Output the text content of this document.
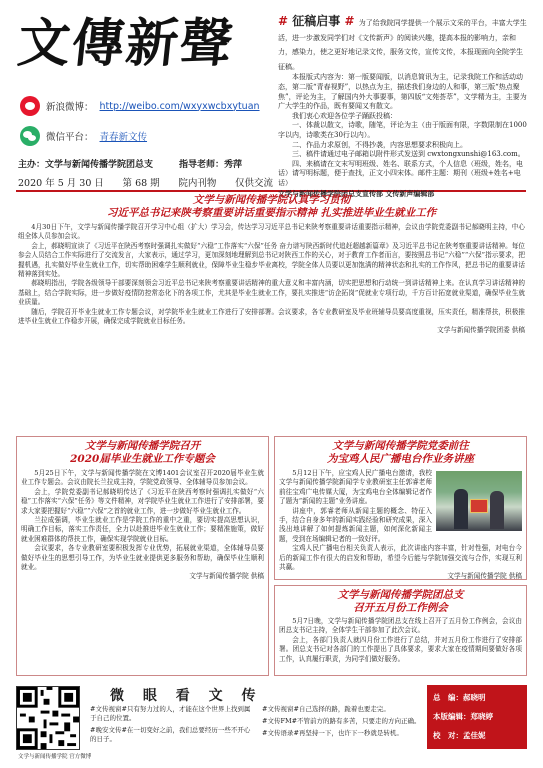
文傳新聲
新浪微博： http://weibo.com/wxyxwcbxytuan
微信平台： 青春新文传
主办：文学与新闻传播学院团总支	指导老师：秀萍
2020 年 5 月 30 日 第 68 期 院内刊物 仅供交流
# 征稿启事 # 为了给我院同学提供一个展示文采的平台，丰富大学生活，进一步激发同学们对《文传新声》的阅读兴趣，提高本报的影响力，亲和力，感染力，使之更好地记录文传，服务文传，宣传文传，本报现面向全院学生征稿。

本报版式内容为：第一版要闻版，以消息简讯为主，记录我院工作和活动动态，第二版“青春视野”，以热点为主，描述我们身边的人和事，第三版“热点聚焦”，评论为主，了解国内外大事要事，第四版“文苑荟萃”，文学精为主，主要为广大学生的作品，既有要闻又有散文。

我们衷心欢迎各位学子踊跃投稿：

一、体裁以散文，诗歌，随笔，评论为主（由于版面有限，字数限制在1000字以内，诗歌类在30行以内）。

二、作品力求原创，不得抄袭，内容思想要求积极向上。

三、稿件请通过电子邮箱以附件形式发送到 cwxtongxunshi@163.com。

四、来稿请在文末写明班级、姓名、联系方式，个人信息（班级，姓名，电话）请写明标题，便于查找，正文小四宋体。邮件主题：期刊（班级+姓名+电话）

文学与新闻传播学院团总支宣传部 文传新声编辑部

文学与新闻传播学院认真学习贯彻
习近平总书记来陕考察重要讲话重要指示精神 扎实推进毕业生就业工作

4月30日下午，文学与新闻传播学院召开学习中心组（扩大）学习会，传达学习习近平总书记来陕考察重要讲话重要指示精神，会议由学院党委副书记郝晓明主持，中心组全体人员参加会议。

会上，郝晓明宣读了《习近平在陕西考察时强调扎实做好“六稳”工作落实“六保”任务 奋力谱写陕西新时代追赶超越新篇章》及习近平总书记在陕考察重要讲话精神。每位参会人员结合工作实际进行了交流发言，大家表示，通过学习，更加深刻地理解到总书记对陕西工作的关心，对于教育工作者而言，要按照总书记“六稳”“六保”指示要求，把握机遇，扎实做好毕业生就业工作，切实帮助困难学生顺利就业，保障毕业生稳步毕业离校，学院全体人员要以更加饱满的精神状态和扎实的工作作风，把总书记的重要讲话精神落到实处。

郝晓明指出，学院各级领导干部要深刻领会习近平总书记来陕考察重要讲话精神的重大意义和丰富内涵，切实把思想和行动统一到讲话精神上来。在认真学习讲话精神的基础上，结合学院实际，进一步做好疫情防控常态化下的各项工作，尤其是毕业生就业工作，要扎实推进“访企拓岗”促就业专项行动，千方百计拓宽就业渠道，确保毕业生就业质量。

随后，学院召开毕业生就业工作专题会议，对学院毕业生就业工作进行了安排部署。会议要求，各专业教研室及毕业班辅导员要高度重视，压实责任，精准帮扶，积极推进毕业生就业工作稳步开展，确保完成学院就业目标任务。

文学与新闻传播学院团委 供稿
文学与新闻传播学院召开
2020届毕业生就业工作专题会

5月25日下午，文学与新闻传播学院在文博1401会议室召开2020届毕业生就业工作专题会。会议由院长兰拉成主持，学院党政领导、全体辅导员参加会议。

会上，学院党委副书记郝晓明传达了《习近平在陕西考察时强调扎实做好“六稳”工作落实“六保”任务》等文件精神，对学院毕业生就业工作进行了安排部署，要求大家要把握好“六稳”“六保”之首的就业工作，进一步做好毕业生就业工作。

兰拉成强调，毕业生就业工作是学院工作的重中之重，要切实提高思想认识，明确工作目标，落实工作责任，全力以赴推进毕业生就业工作；要精准施策，做好就业困难群体的帮扶工作，确保实现学院就业目标。

会议要求，各专业教研室要积极发挥专业优势，拓展就业渠道，全体辅导员要做好毕业生的思想引导工作，为毕业生就业提供更多服务和帮助，确保毕业生顺利就业。

文学与新闻传播学院 供稿
文学与新闻传播学院党委前往
为宝鸡人民广播电台作业务讲座

5月12日下午，应宝鸡人民广播电台邀请，我校文学与新闻传播学院新闻学专业教研室主任郭睿老师前往宝鸡广电传媒大厦，为宝鸡电台全体编辑记者作了题为“新闻的主题”业务讲座。

讲座中，郭睿老师从新闻主题的概念、特征入手，结合自身多年的新闻实践经验和研究成果，深入浅出地讲解了如何提炼新闻主题，如何深化新闻主题，受到在场编辑记者的一致好评。

宝鸡人民广播电台相关负责人表示，此次讲座内容丰富，针对性强，对电台今后的新闻工作有很大的启发和帮助，希望今后能与学院加强交流与合作，实现互利共赢。

文学与新闻传播学院 供稿
文学与新闻传播学院团总支
召开五月份工作例会

5月7日晚，文学与新闻传播学院团总支在线上召开了五月份工作例会，会议由团总支书记主持，全体学生干部参加了此次会议。

会上，各部门负责人就四月份工作进行了总结，并对五月份工作进行了安排部署。团总支书记对各部门的工作提出了具体要求，要求大家在疫情期间要做好各项工作，认真履行职责，为同学们做好服务。

文学与新闻传播学院 官方微博
微 眼 看 文 传

#文传视窗#只有努力过的人，才能在这个世界上找到属于自己的位置。

#晚安文传#在一切变好之前，我们总要经历一些不开心的日子。

#文传视窗#自己选择的路，跪着也要走完。

#文传FM#不管前方的路有多苦，只要走的方向正确。

#文传语录#再坚持一下，也许下一秒就是转机。

总　编：郝晓明
本版编辑：郑晓婷
校　对：孟佳妮
